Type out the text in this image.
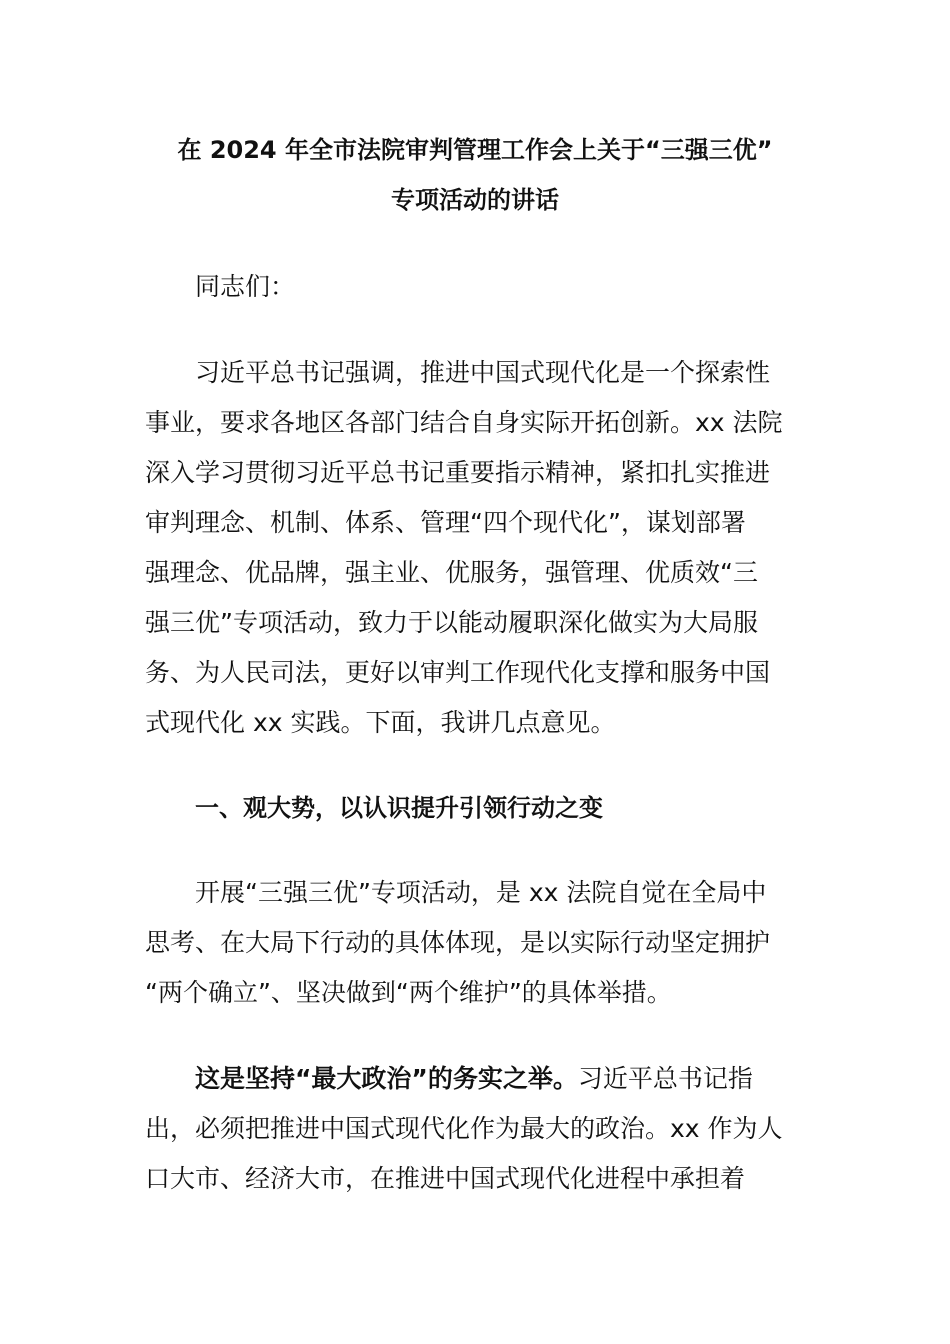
在 2024 年全市法院审判管理工作会上关于“三强三优”
专项活动的讲话
同志们：
习近平总书记强调，推进中国式现代化是一个探索性
事业，要求各地区各部门结合自身实际开拓创新。xx 法院
深入学习贯彻习近平总书记重要指示精神，紧扣扎实推进
审判理念、机制、体系、管理“四个现代化”，谋划部署
强理念、优品牌，强主业、优服务，强管理、优质效“三
强三优”专项活动，致力于以能动履职深化做实为大局服
务、为人民司法，更好以审判工作现代化支撑和服务中国
式现代化 xx 实践。下面，我讲几点意见。
一、观大势，以认识提升引领行动之变
开展“三强三优”专项活动，是 xx 法院自觉在全局中
思考、在大局下行动的具体体现，是以实际行动坚定拥护
“两个确立”、坚决做到“两个维护”的具体举措。
这是坚持“最大政治”的务实之举。习近平总书记指
出，必须把推进中国式现代化作为最大的政治。xx 作为人
口大市、经济大市，在推进中国式现代化进程中承担着
